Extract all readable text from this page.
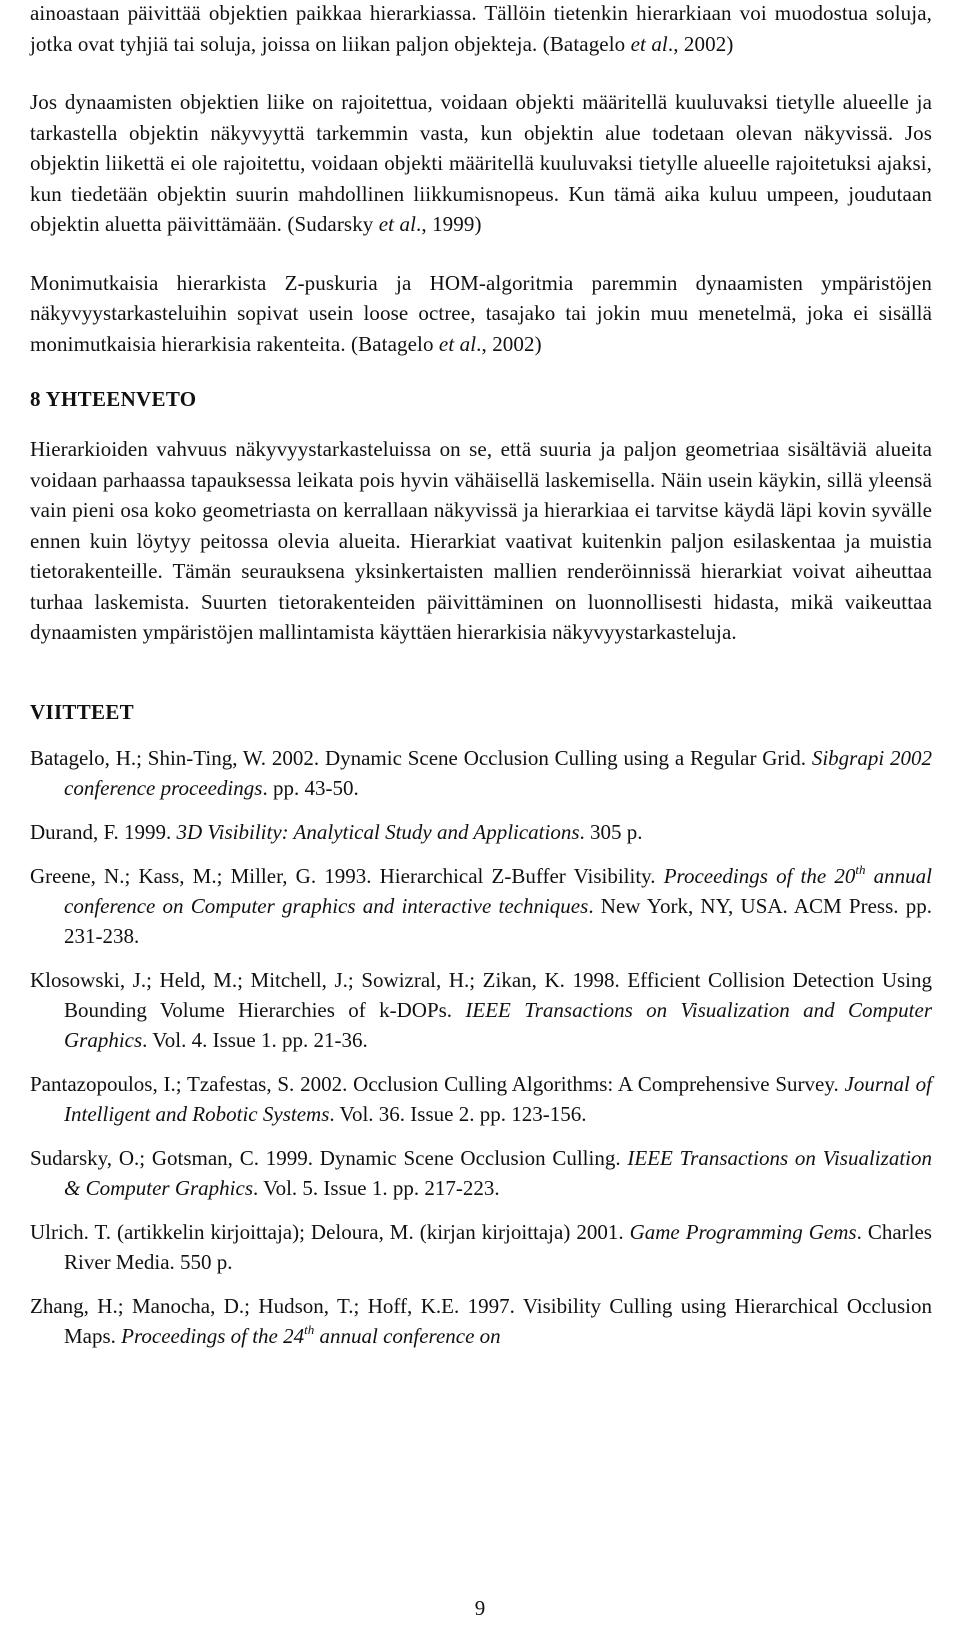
ainoastaan päivittää objektien paikkaa hierarkiassa. Tällöin tietenkin hierarkiaan voi muodostua soluja, jotka ovat tyhjiä tai soluja, joissa on liikan paljon objekteja. (Batagelo et al., 2002)

Jos dynaamisten objektien liike on rajoitettua, voidaan objekti määritellä kuuluvaksi tietylle alueelle ja tarkastella objektin näkyvyyttä tarkemmin vasta, kun objektin alue todetaan olevan näkyvissä. Jos objektin liikettä ei ole rajoitettu, voidaan objekti määritellä kuuluvaksi tietylle alueelle rajoitetuksi ajaksi, kun tiedetään objektin suurin mahdollinen liikkumisnopeus. Kun tämä aika kuluu umpeen, joudutaan objektin aluetta päivittämään. (Sudarsky et al., 1999)

Monimutkaisia hierarkista Z-puskuria ja HOM-algoritmia paremmin dynaamisten ympäristöjen näkyvyystarkasteluihin sopivat usein loose octree, tasajako tai jokin muu menetelmä, joka ei sisällä monimutkaisia hierarkisia rakenteita. (Batagelo et al., 2002)

8 YHTEENVETO

Hierarkioiden vahvuus näkyvyystarkasteluissa on se, että suuria ja paljon geometriaa sisältäviä alueita voidaan parhaassa tapauksessa leikata pois hyvin vähäisellä laskemisella. Näin usein käykin, sillä yleensä vain pieni osa koko geometriasta on kerrallaan näkyvissä ja hierarkiaa ei tarvitse käydä läpi kovin syvälle ennen kuin löytyy peitossa olevia alueita. Hierarkiat vaativat kuitenkin paljon esilaskentaa ja muistia tietorakenteille. Tämän seurauksena yksinkertaisten mallien renderöinnissä hierarkiat voivat aiheuttaa turhaa laskemista. Suurten tietorakenteiden päivittäminen on luonnollisesti hidasta, mikä vaikeuttaa dynaamisten ympäristöjen mallintamista käyttäen hierarkisia näkyvyystarkasteluja.

VIITTEET
Batagelo, H.; Shin-Ting, W. 2002. Dynamic Scene Occlusion Culling using a Regular Grid. Sibgrapi 2002 conference proceedings. pp. 43-50.
Durand, F. 1999. 3D Visibility: Analytical Study and Applications. 305 p.
Greene, N.; Kass, M.; Miller, G. 1993. Hierarchical Z-Buffer Visibility. Proceedings of the 20th annual conference on Computer graphics and interactive techniques. New York, NY, USA. ACM Press. pp. 231-238.
Klosowski, J.; Held, M.; Mitchell, J.; Sowizral, H.; Zikan, K. 1998. Efficient Collision Detection Using Bounding Volume Hierarchies of k-DOPs. IEEE Transactions on Visualization and Computer Graphics. Vol. 4. Issue 1. pp. 21-36.
Pantazopoulos, I.; Tzafestas, S. 2002. Occlusion Culling Algorithms: A Comprehensive Survey. Journal of Intelligent and Robotic Systems. Vol. 36. Issue 2. pp. 123-156.
Sudarsky, O.; Gotsman, C. 1999. Dynamic Scene Occlusion Culling. IEEE Transactions on Visualization & Computer Graphics. Vol. 5. Issue 1. pp. 217-223.
Ulrich. T. (artikkelin kirjoittaja); Deloura, M. (kirjan kirjoittaja) 2001. Game Programming Gems. Charles River Media. 550 p.
Zhang, H.; Manocha, D.; Hudson, T.; Hoff, K.E. 1997. Visibility Culling using Hierarchical Occlusion Maps. Proceedings of the 24th annual conference on
9
